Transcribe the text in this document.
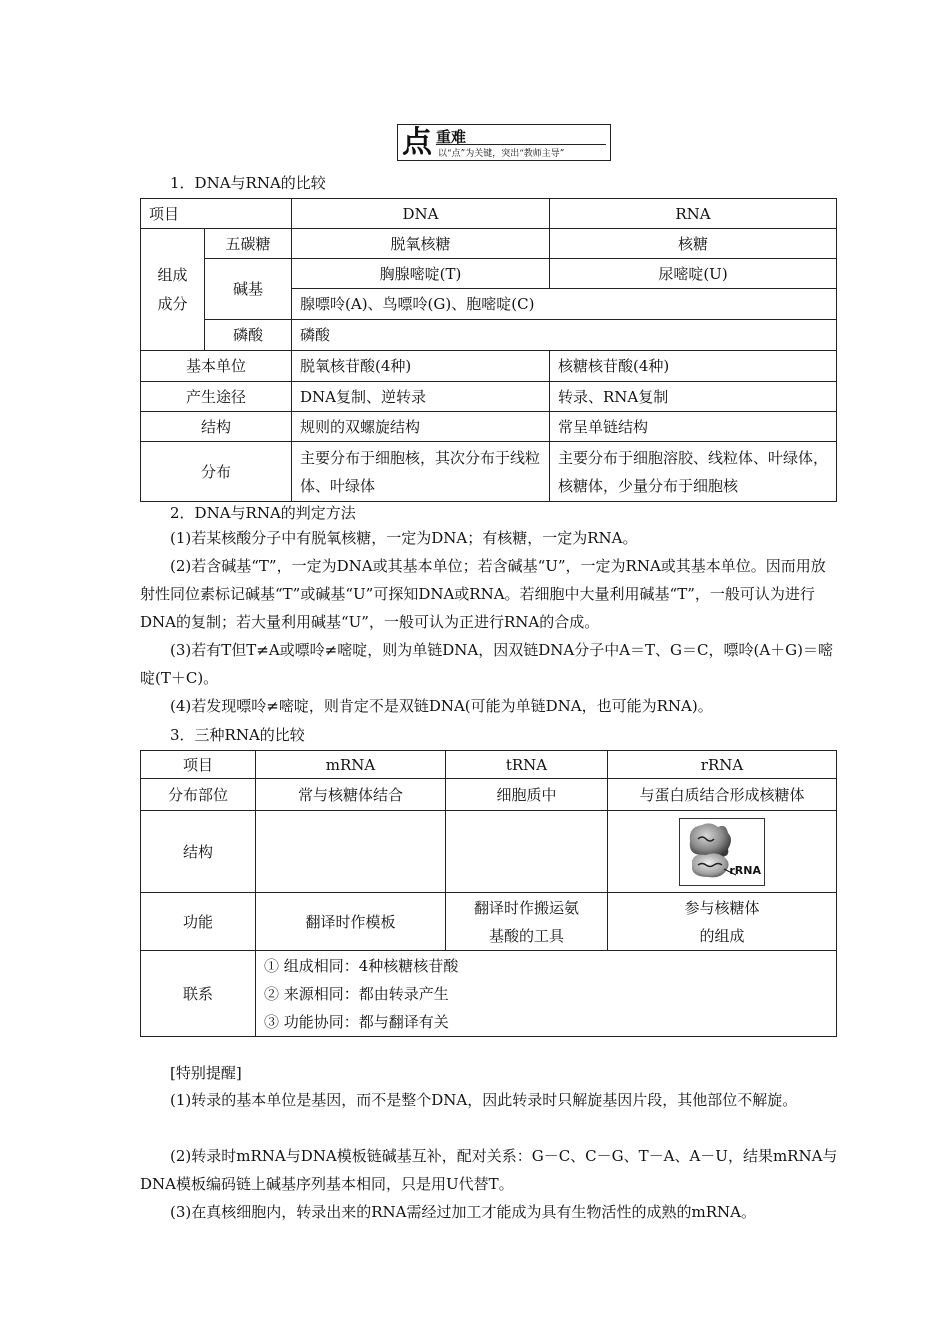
点 重难
以“点”为关键，突出“教师主导”
1．DNA与RNA的比较
项目		DNA	RNA
组成
成分	五碳糖	脱氧核糖	核糖
	碱基	胸腺嘧啶(T)	尿嘧啶(U)
		腺嘌呤(A)、鸟嘌呤(G)、胞嘧啶(C)	
	磷酸	磷酸	
基本单位		脱氧核苷酸(4种)	核糖核苷酸(4种)
产生途径		DNA复制、逆转录	转录、RNA复制
结构		规则的双螺旋结构	常呈单链结构
分布		主要分布于细胞核，其次分布于线粒体、叶绿体	主要分布于细胞溶胶、线粒体、叶绿体，核糖体，少量分布于细胞核
2．DNA与RNA的判定方法
(1)若某核酸分子中有脱氧核糖，一定为DNA；有核糖，一定为RNA。
(2)若含碱基“T”，一定为DNA或其基本单位；若含碱基“U”，一定为RNA或其基本单位。因而用放射性同位素标记碱基“T”或碱基“U”可探知DNA或RNA。若细胞中大量利用碱基“T”，一般可认为进行DNA的复制；若大量利用碱基“U”，一般可认为正进行RNA的合成。
(3)若有T但T≠A或嘌呤≠嘧啶，则为单链DNA，因双链DNA分子中A＝T、G＝C，嘌呤(A＋G)＝嘧啶(T＋C)。
(4)若发现嘌呤≠嘧啶，则肯定不是双链DNA(可能为单链DNA，也可能为RNA)。
3．三种RNA的比较
项目	mRNA	tRNA	rRNA
分布部位	常与核糖体结合	细胞质中	与蛋白质结合形成核糖体
结构			rRNA

功能	翻译时作模板	翻译时作搬运氨基酸的工具	参与核糖体的组成

联系	① 组成相同：4种核糖核苷酸
② 来源相同：都由转录产生
③ 功能协同：都与翻译有关		
[特别提醒]
(1)转录的基本单位是基因，而不是整个DNA，因此转录时只解旋基因片段，其他部位不解旋。
(2)转录时mRNA与DNA模板链碱基互补，配对关系：G－C、C－G、T－A、A－U，结果mRNA与DNA模板编码链上碱基序列基本相同，只是用U代替T。
(3)在真核细胞内，转录出来的RNA需经过加工才能成为具有生物活性的成熟的mRNA。
